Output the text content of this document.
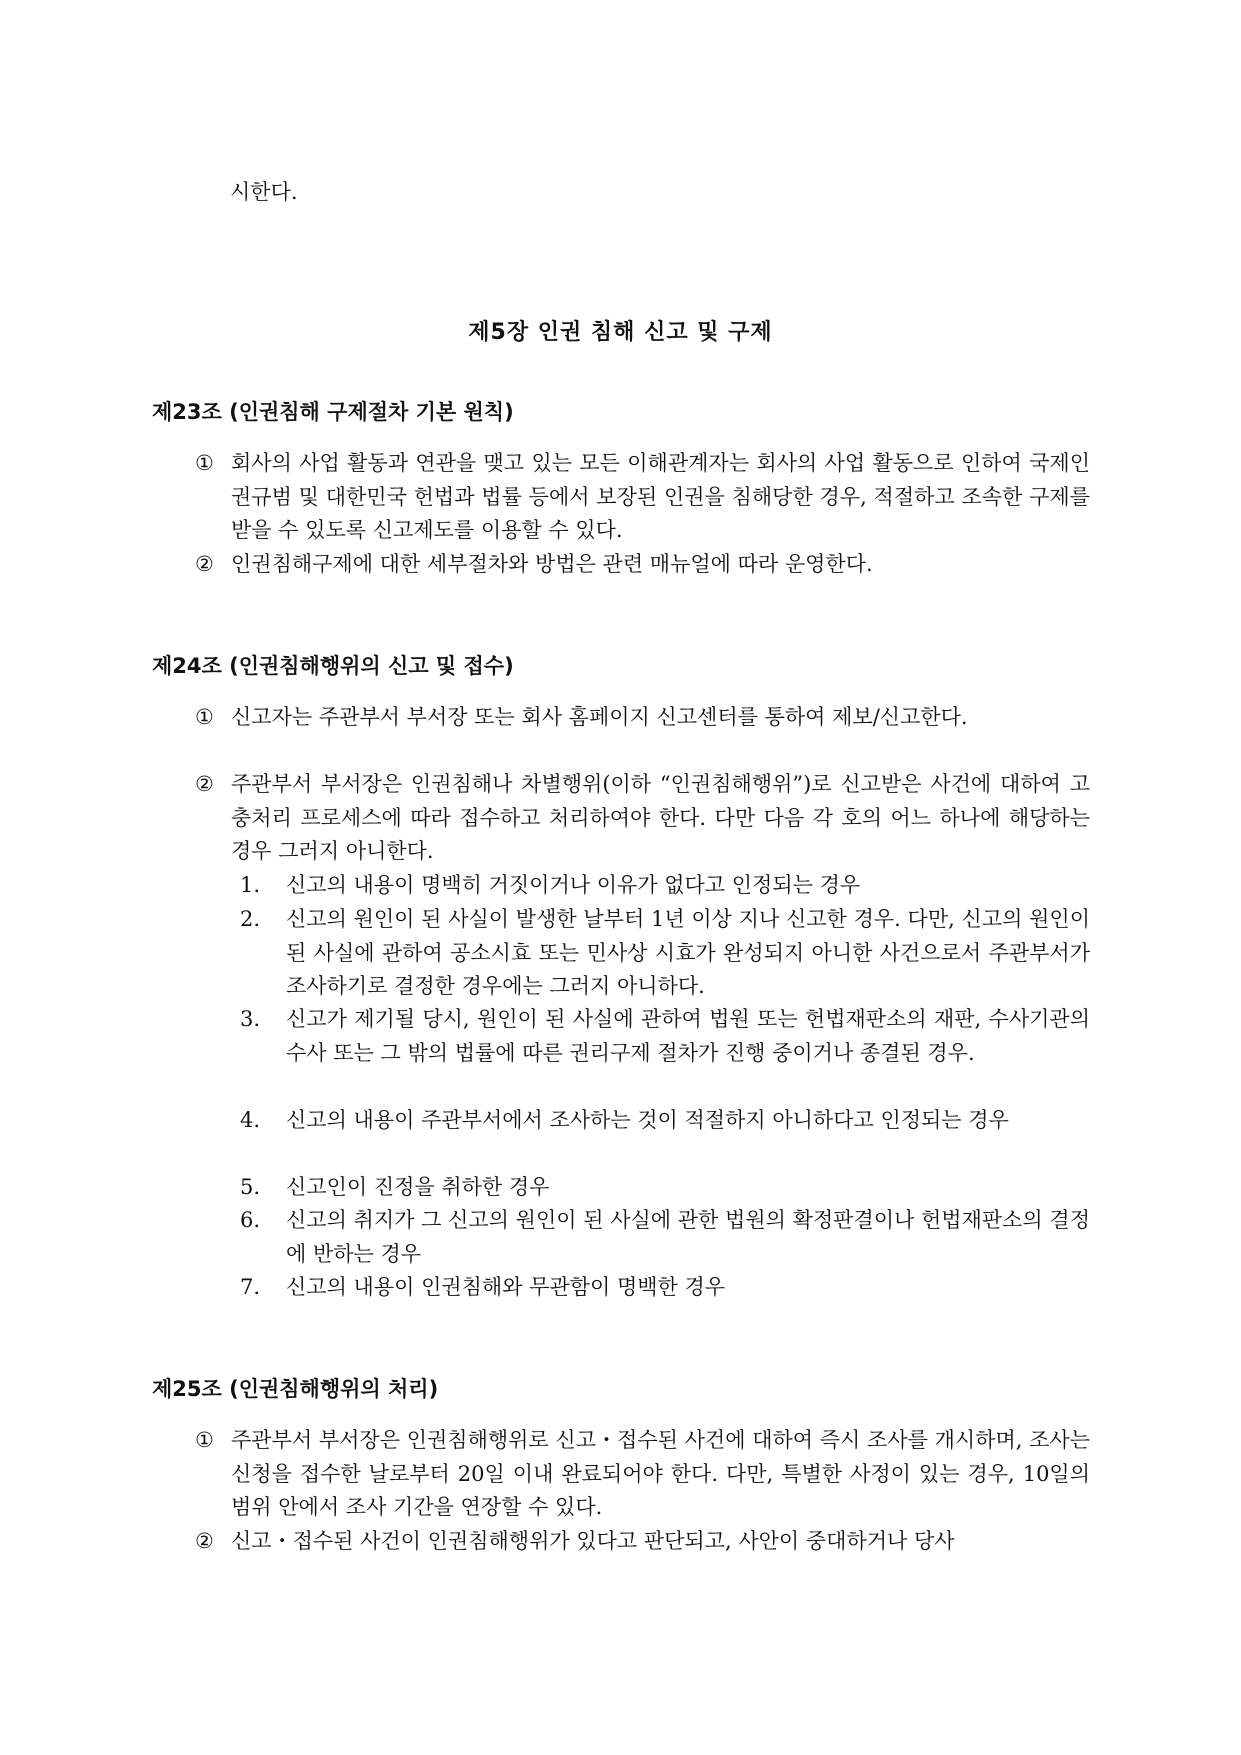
시한다.
제5장 인권 침해 신고 및 구제
제23조 (인권침해 구제절차 기본 원칙)
① 회사의 사업 활동과 연관을 맺고 있는 모든 이해관계자는 회사의 사업 활동으로 인하여 국제인권규범 및 대한민국 헌법과 법률 등에서 보장된 인권을 침해당한 경우, 적절하고 조속한 구제를 받을 수 있도록 신고제도를 이용할 수 있다.
② 인권침해구제에 대한 세부절차와 방법은 관련 매뉴얼에 따라 운영한다.
제24조 (인권침해행위의 신고 및 접수)
① 신고자는 주관부서 부서장 또는 회사 홈페이지 신고센터를 통하여 제보/신고한다.
② 주관부서 부서장은 인권침해나 차별행위(이하 “인권침해행위”)로 신고받은 사건에 대하여 고충처리 프로세스에 따라 접수하고 처리하여야 한다. 다만 다음 각 호의 어느 하나에 해당하는 경우 그러지 아니한다.
1.	신고의 내용이 명백히 거짓이거나 이유가 없다고 인정되는 경우
2.	신고의 원인이 된 사실이 발생한 날부터 1년 이상 지나 신고한 경우. 다만, 신고의 원인이 된 사실에 관하여 공소시효 또는 민사상 시효가 완성되지 아니한 사건으로서 주관부서가 조사하기로 결정한 경우에는 그러지 아니하다.
3.	신고가 제기될 당시, 원인이 된 사실에 관하여 법원 또는 헌법재판소의 재판, 수사기관의 수사 또는 그 밖의 법률에 따른 권리구제 절차가 진행 중이거나 종결된 경우.
4.	신고의 내용이 주관부서에서 조사하는 것이 적절하지 아니하다고 인정되는 경우
5.	신고인이 진정을 취하한 경우
6.	신고의 취지가 그 신고의 원인이 된 사실에 관한 법원의 확정판결이나 헌법재판소의 결정에 반하는 경우
7.	신고의 내용이 인권침해와 무관함이 명백한 경우
제25조 (인권침해행위의 처리)
① 주관부서 부서장은 인권침해행위로 신고・접수된 사건에 대하여 즉시 조사를 개시하며, 조사는 신청을 접수한 날로부터 20일 이내 완료되어야 한다. 다만, 특별한 사정이 있는 경우, 10일의 범위 안에서 조사 기간을 연장할 수 있다.
② 신고・접수된 사건이 인권침해행위가 있다고 판단되고, 사안이 중대하거나 당사
